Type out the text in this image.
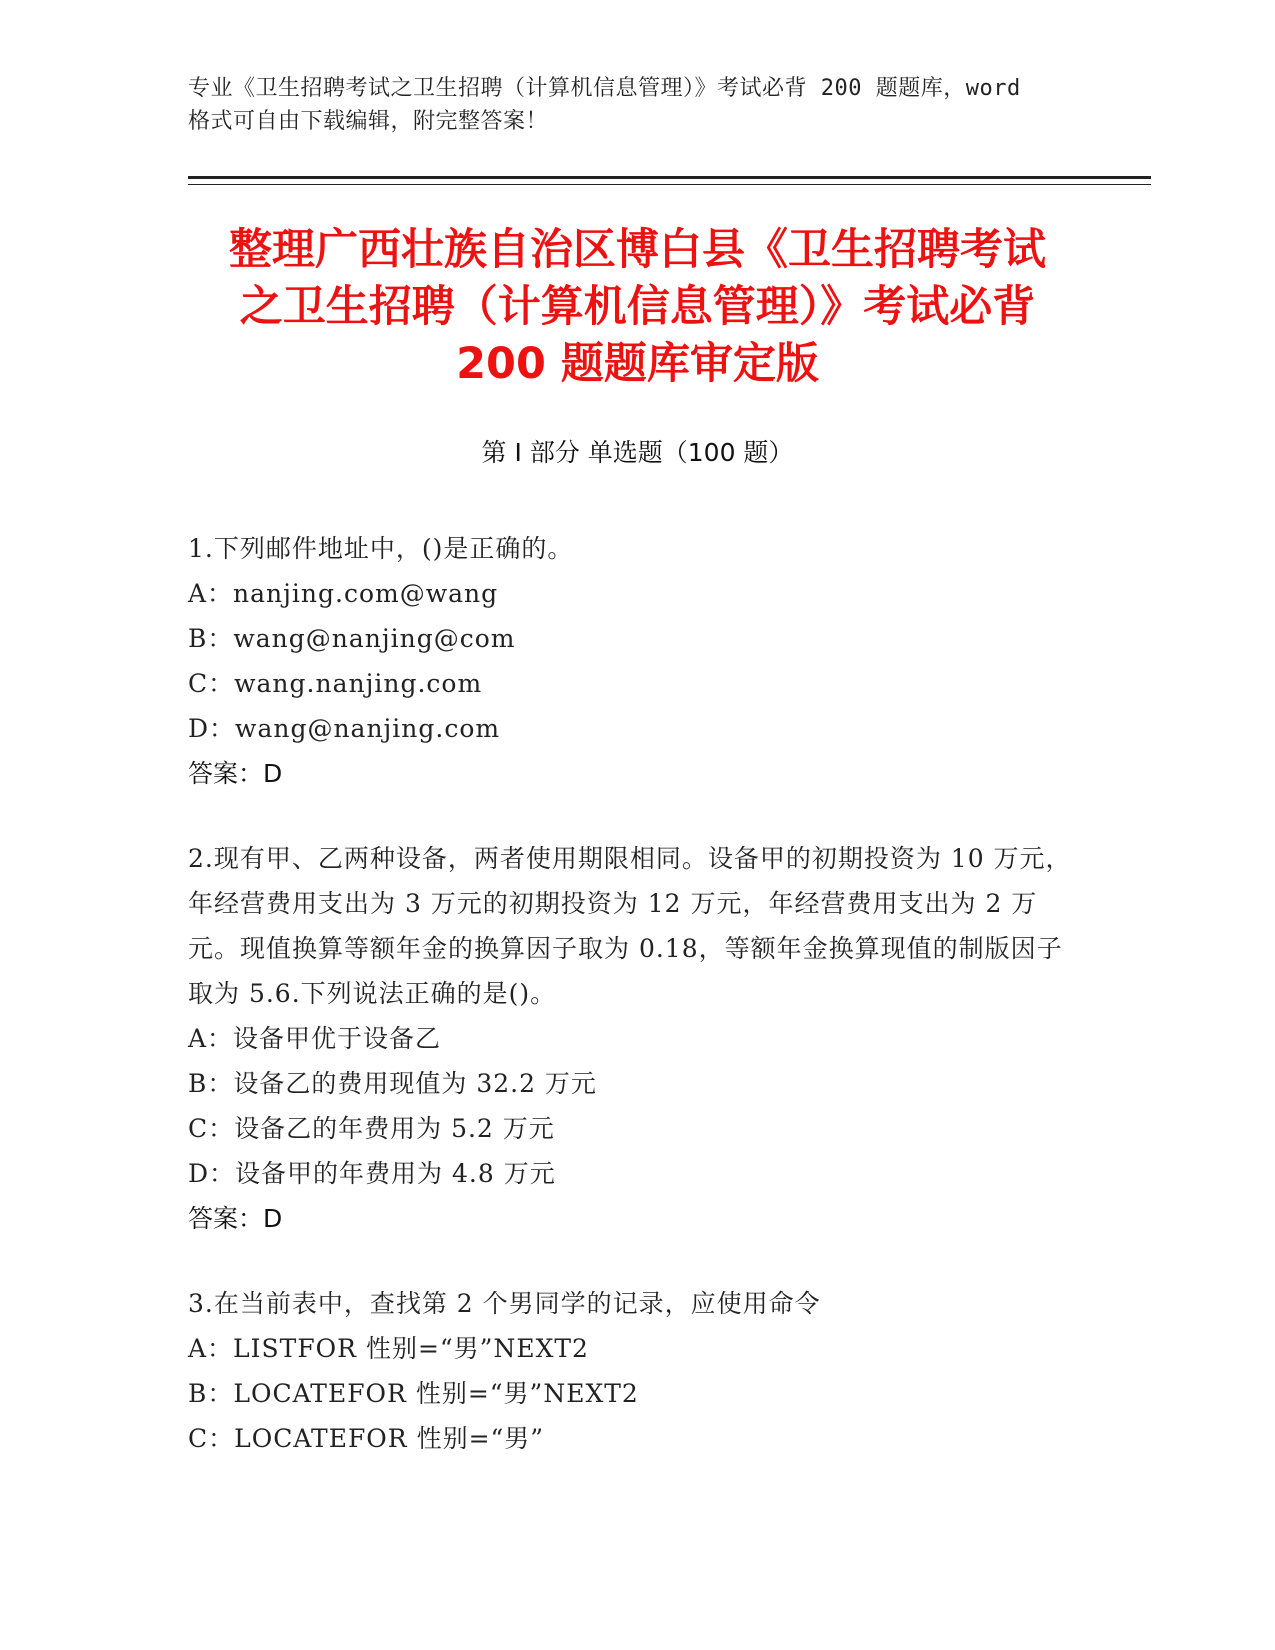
专业《卫生招聘考试之卫生招聘（计算机信息管理）》考试必背 200 题题库，word
格式可自由下载编辑，附完整答案！
整理广西壮族自治区博白县《卫生招聘考试
之卫生招聘（计算机信息管理）》考试必背
200 题题库审定版
第 I 部分 单选题（100 题）
1.下列邮件地址中，()是正确的。
A：nanjing.com@wang
B：wang@nanjing@com
C：wang.nanjing.com
D：wang@nanjing.com
答案：D
2.现有甲、乙两种设备，两者使用期限相同。设备甲的初期投资为 10 万元，年经营费用支出为 3 万元的初期投资为 12 万元，年经营费用支出为 2 万元。现值换算等额年金的换算因子取为 0.18，等额年金换算现值的制版因子取为 5.6.下列说法正确的是()。
A：设备甲优于设备乙
B：设备乙的费用现值为 32.2 万元
C：设备乙的年费用为 5.2 万元
D：设备甲的年费用为 4.8 万元
答案：D
3.在当前表中，查找第 2 个男同学的记录，应使用命令
A：LISTFOR 性别=“男”NEXT2
B：LOCATEFOR 性别=“男”NEXT2
C：LOCATEFOR 性别=“男”
